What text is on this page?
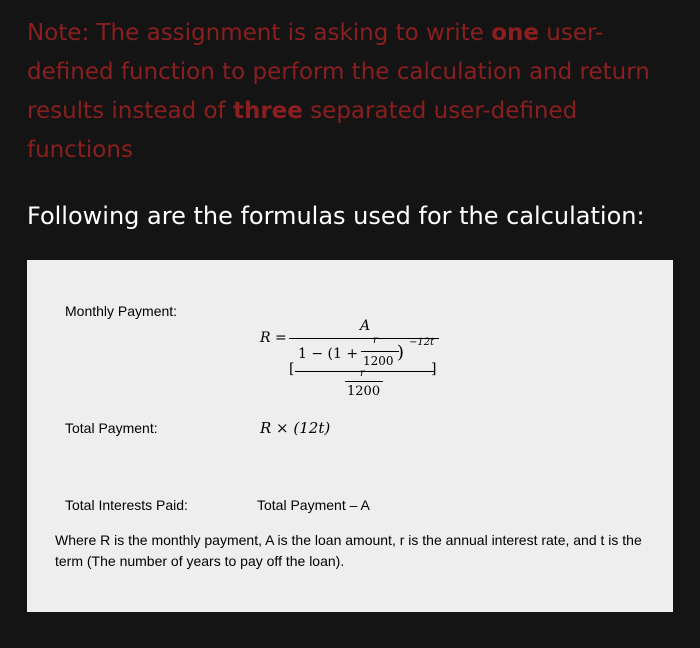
Note: The assignment is asking to write one user-defined function to perform the calculation and return results instead of three separated user-defined functions
Following are the formulas used for the calculation:
Monthly Payment:
R =
A
1 − (1 +
r
1200 ) −12t
[	]
r
1200
Total Payment:	R × (12t)
Total Interests Paid:	Total Payment – A
Where R is the monthly payment, A is the loan amount, r is the annual interest rate, and t is the term (The number of years to pay off the loan).
